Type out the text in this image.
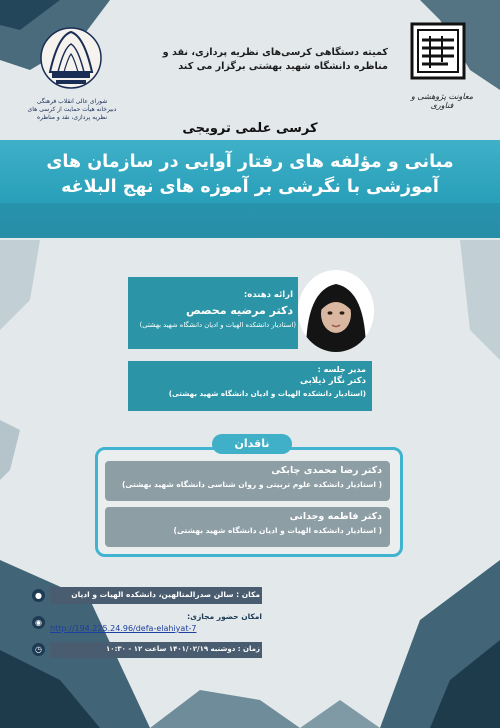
شورای عالی انقلاب فرهنگی
دبیرخانه هیأت حمایت از کرسی های
نظریه پردازی، نقد و مناظره
کمیته دستگاهی کرسی‌های نظریه پردازی، نقد و
مناظره دانشگاه شهید بهشتی برگزار می کند
معاونت پژوهشی و فناوری
کرسی علمی ترویجی
مبانی و مؤلفه های رفتار آوایی در سازمان های
آموزشی با نگرشی بر آموزه های نهج البلاغه
ارائه دهنده:
دکتر مرضیه محصص
(استادیار دانشکده الهیات و ادیان دانشگاه شهید بهشتی)
مدیر جلسه :
دکتر نگار ذیلابی
(استادیار دانشکده الهیات و ادیان دانشگاه شهید بهشتی)
ناقدان
دکتر رضا محمدی چابکی
( استادیار دانشکده علوم تربیتی و روان شناسی دانشگاه شهید بهشتی)
دکتر فاطمه وجدانی
( استادیار دانشکده الهیات و ادیان دانشگاه شهید بهشتی)
●	مکان : سالن صدرالمتالهین، دانشکده الهیات و ادیان
◉
امکان حضور مجازی:
http://194.225.24.96/defa-elahiyat-7
◷	زمان : دوشنبه ۱۴۰۱/۰۲/۱۹ ساعت ۱۲ - ۱۰:۳۰
